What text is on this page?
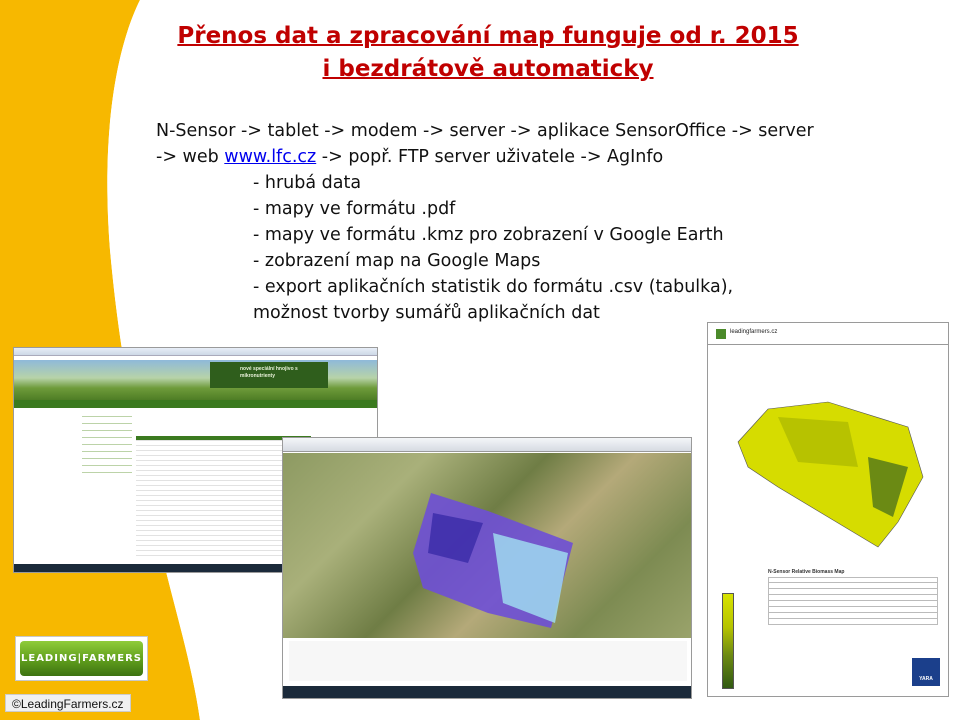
Přenos dat a zpracování map funguje od r. 2015
i bezdrátově automaticky
N-Sensor -> tablet -> modem -> server -> aplikace SensorOffice -> server
-> web www.lfc.cz -> popř. FTP server uživatele -> AgInfo
- hrubá data
- mapy ve formátu .pdf
- mapy ve formátu .kmz pro zobrazení v Google Earth
- zobrazení map na Google Maps
- export aplikačních statistik do formátu .csv (tabulka),
možnost tvorby sumářů aplikačních dat
nové speciální hnojivo s mikronutrienty
leadingfarmers.cz
N-Sensor Relative Biomass Map
YARA
LEADING|FARMERS
©LeadingFarmers.cz
